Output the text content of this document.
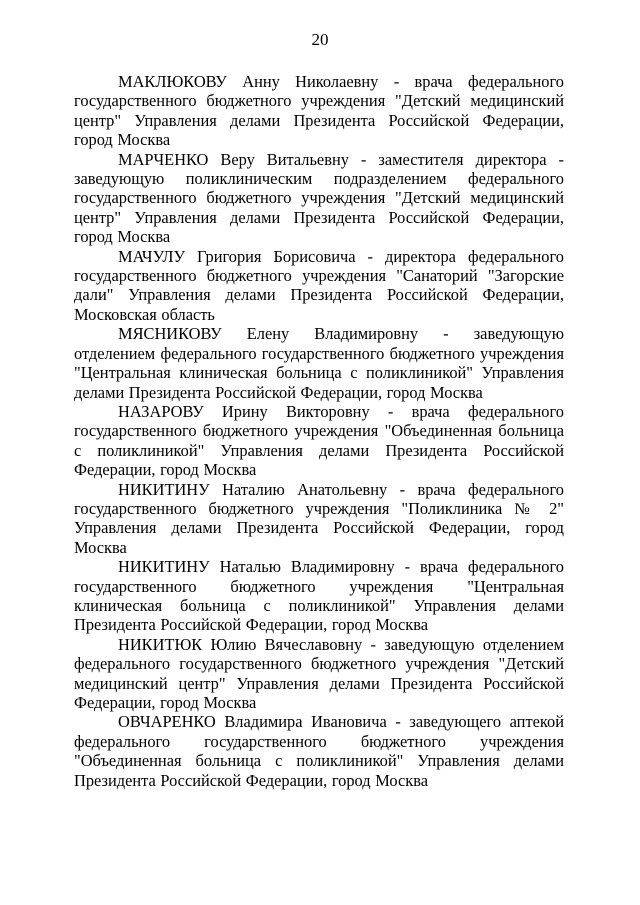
20

МАКЛЮКОВУ Анну Николаевну - врача федерального государственного бюджетного учреждения "Детский медицинский центр" Управления делами Президента Российской Федерации, город Москва

МАРЧЕНКО Веру Витальевну - заместителя директора - заведующую поликлиническим подразделением федерального государственного бюджетного учреждения "Детский медицинский центр" Управления делами Президента Российской Федерации, город Москва

МАЧУЛУ Григория Борисовича - директора федерального государственного бюджетного учреждения "Санаторий "Загорские дали" Управления делами Президента Российской Федерации, Московская область

МЯСНИКОВУ Елену Владимировну - заведующую отделением федерального государственного бюджетного учреждения "Центральная клиническая больница с поликлиникой" Управления делами Президента Российской Федерации, город Москва

НАЗАРОВУ Ирину Викторовну - врача федерального государственного бюджетного учреждения "Объединенная больница с поликлиникой" Управления делами Президента Российской Федерации, город Москва

НИКИТИНУ Наталию Анатольевну - врача федерального государственного бюджетного учреждения "Поликлиника № 2" Управления делами Президента Российской Федерации, город Москва

НИКИТИНУ Наталью Владимировну - врача федерального государственного бюджетного учреждения "Центральная клиническая больница с поликлиникой" Управления делами Президента Российской Федерации, город Москва

НИКИТЮК Юлию Вячеславовну - заведующую отделением федерального государственного бюджетного учреждения "Детский медицинский центр" Управления делами Президента Российской Федерации, город Москва

ОВЧАРЕНКО Владимира Ивановича - заведующего аптекой федерального государственного бюджетного учреждения "Объединенная больница с поликлиникой" Управления делами Президента Российской Федерации, город Москва
